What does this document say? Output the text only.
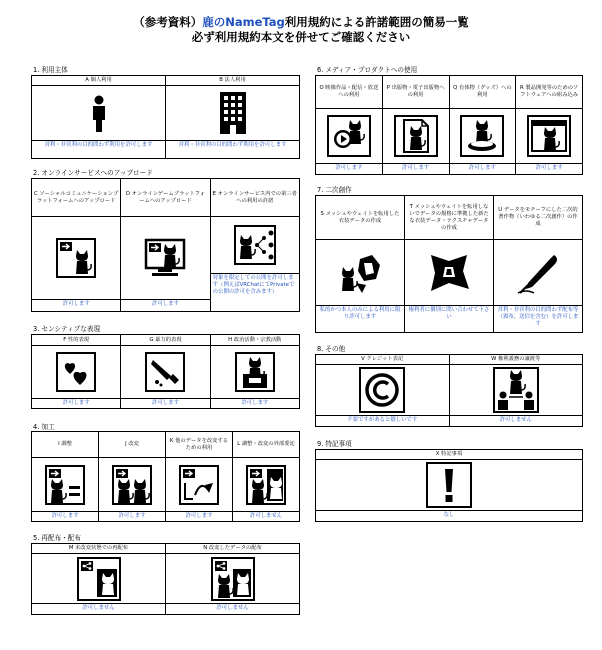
（参考資料）鹿のNameTag利用規約による許諾範囲の簡易一覧
必ず利用規約本文を併せてご確認ください
1. 利用主体
A 個人利用
営利・非営利の目的問わず利用を許可します
B 法人利用
営利・非営利の目的問わず利用を許可します
2. オンラインサービスへのアップロード
C ソーシャルコミュニケーションプラットフォームへのアップロード
許可します
D オンラインゲームプラットフォームへのアップロード
許可します
E オンラインサービス内での第三者への利用の許諾
対象を限定しての公開を許可します（例えばVRChatにてPrivateでの公開の許可を含みます）
3. センシティブな表現
F 性的表現
許可します
G 暴力的表現
許可します
H 政治活動・宗教活動
許可します
4. 加工
I 調整
許可します
J 改変
許可します
K 他のデータを改変するための利用
許可します
L 調整・改変の外部委託
許可しません
5. 再配布・配布
M 未改変状態での再配布
許可しません
N 改変したデータの配布
許可しません
6. メディア・プロダクトへの使用
O 映像作品・配信・放送への利用
許可します
P 出版物・電子出版物への利用
許可します
Q 有体物（グッズ）への利用
許可します
R 製品開発等のためのソフトウェアへの組み込み
許可します
7. 二次創作
S メッシュやウェイトを転用した衣装データの作成
私的かつ本人のみによる利用に限り許可します
T メッシュやウェイトを転用しないでデータの規格に準拠した新たな衣装データ・テクスチャデータの作成
権利者に個別に問い合わせて下さい
U データをモチーフにした二次的著作物（いわゆる二次創作）の作成
営利・非営利の目的問わず配布等（頒布、送信を含む）を許可します
8. その他
V クレジット表記
不要ですがあると嬉しいです
W 権利義務の譲渡等
許可しません
9. 特記事項
X 特記事項
なし
